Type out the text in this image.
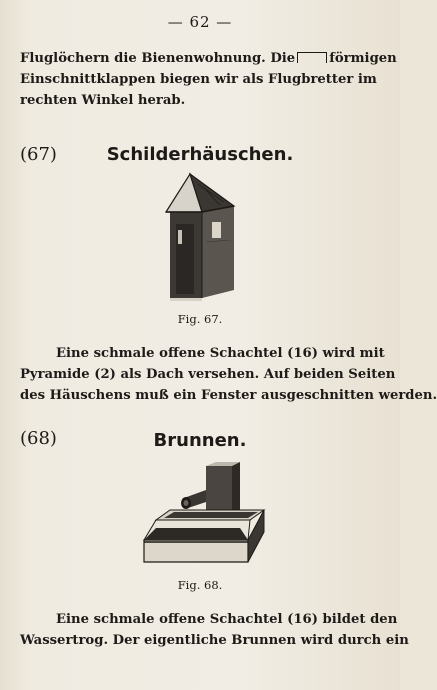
— 62 —
Fluglöchern die Bienenwohnung. Die	förmigen
Einschnittklappen biegen wir als Flugbretter im
rechten Winkel herab.
(67)	Schilderhäuschen.
Fig. 67.
Eine schmale offene Schachtel (16) wird mit
Pyramide (2) als Dach versehen. Auf beiden Seiten
des Häuschens muß ein Fenster ausgeschnitten werden.
(68)	Brunnen.
Fig. 68.
Eine schmale offene Schachtel (16) bildet den
Wassertrog. Der eigentliche Brunnen wird durch ein
